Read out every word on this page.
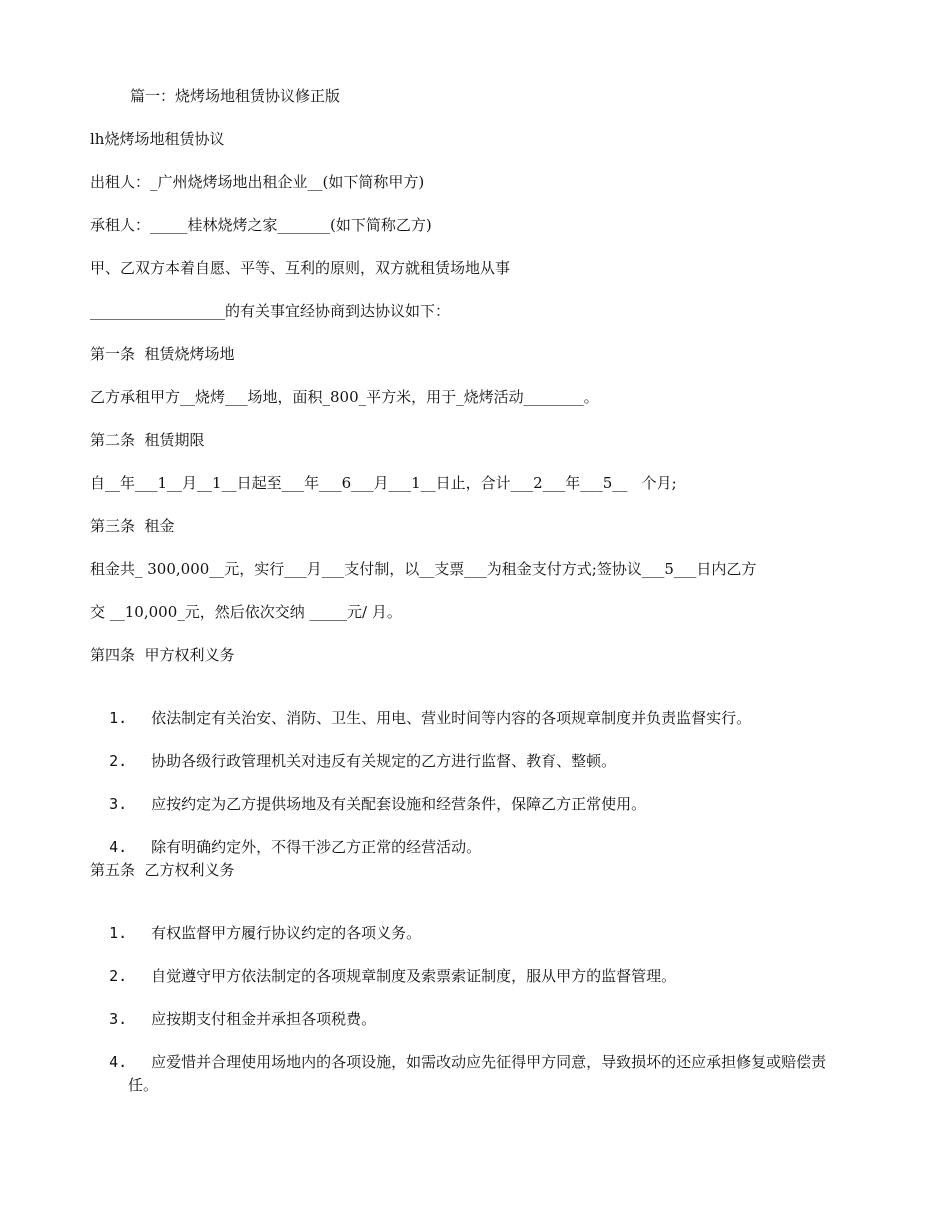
篇一：烧烤场地租赁协议修正版
lh烧烤场地租赁协议
出租人：_广州烧烤场地出租企业__(如下简称甲方)
承租人：_____桂林烧烤之家_______(如下简称乙方)
甲、乙双方本着自愿、平等、互利的原则，双方就租赁场地从事
__________________的有关事宜经协商到达协议如下：
第一条  租赁烧烤场地
乙方承租甲方__烧烤___场地，面积_800_平方米，用于_烧烤活动________。
第二条  租赁期限
自__年___1__月__1__日起至___年___6___月___1__日止，合计___2___年___5__   个月;
第三条  租金
租金共_ 300,000__元，实行___月___支付制，以__支票___为租金支付方式;签协议___5___日内乙方
交 __10,000_元，然后依次交纳 _____元/ 月。
第四条  甲方权利义务

1. 依法制定有关治安、消防、卫生、用电、营业时间等内容的各项规章制度并负责监督实行。

2. 协助各级行政管理机关对违反有关规定的乙方进行监督、教育、整顿。

3. 应按约定为乙方提供场地及有关配套设施和经营条件，保障乙方正常使用。

4. 除有明确约定外，不得干涉乙方正常的经营活动。

第五条  乙方权利义务

1. 有权监督甲方履行协议约定的各项义务。

2. 自觉遵守甲方依法制定的各项规章制度及索票索证制度，服从甲方的监督管理。

3. 应按期支付租金并承担各项税费。

4. 应爱惜并合理使用场地内的各项设施，如需改动应先征得甲方同意，导致损坏的还应承担修复或赔偿责

任。
